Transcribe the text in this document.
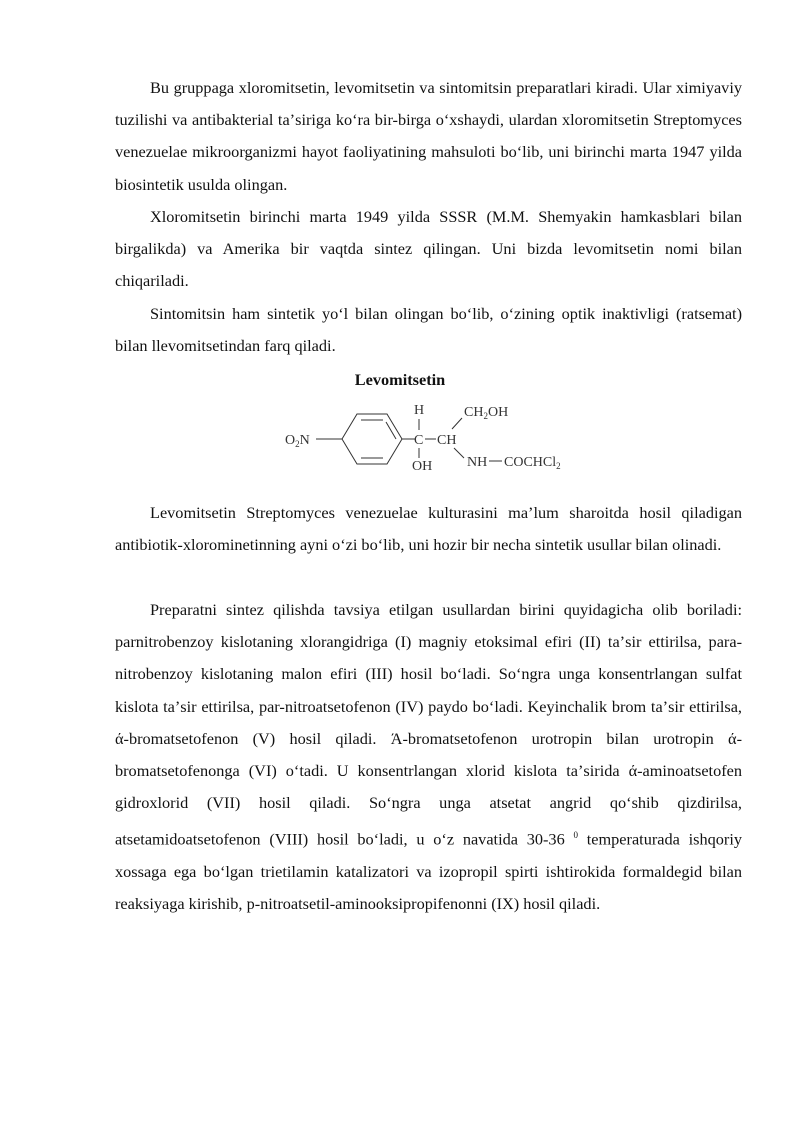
Bu gruppaga xloromitsetin, levomitsetin va sintomitsin preparatlari kiradi. Ular ximiyaviy tuzilishi va antibakterial taʼsiriga ko‘ra bir-birga o‘xshaydi, ulardan xloromitsetin Streptomyces venezuelae mikroorganizmi hayot faoliyatining mahsuloti bo‘lib, uni birinchi marta 1947 yilda biosintetik usulda olingan.

Xloromitsetin birinchi marta 1949 yilda SSSR (M.M. Shemyakin hamkasblari bilan birgalikda) va Amerika bir vaqtda sintez qilingan. Uni bizda levomitsetin nomi bilan chiqariladi.

Sintomitsin ham sintetik yo‘l bilan olingan bo‘lib, o‘zining optik inaktivligi (ratsemat) bilan llevomitsetindan farq qiladi.

Levomitsetin

$O_2N$
H
C
OH
CH
$CH_2OH$
NH COCHCl$_2$

Levomitsetin Streptomyces venezuelae kulturasini maʼlum sharoitda hosil qiladigan antibiotik-xlorominetinning ayni o‘zi bo‘lib, uni hozir bir necha sintetik usullar bilan olinadi.

Preparatni sintez qilishda tavsiya etilgan usullardan birini quyidagicha olib boriladi: parnitrobenzoy kislotaning xlorangidriga (I) magniy etoksimal efiri (II) taʼsir ettirilsa, para-nitrobenzoy kislotaning malon efiri (III) hosil bo‘ladi. So‘ngra unga konsentrlangan sulfat kislota taʼsir ettirilsa, par-nitroatsetofenon (IV) paydo bo‘ladi. Keyinchalik brom taʼsir ettirilsa, ά-bromatsetofenon (V) hosil qiladi. Ά-bromatsetofenon urotropin bilan urotropin ά-bromatsetofenonga (VI) o‘tadi. U konsentrlangan xlorid kislota taʼsirida ά-aminoatsetofen gidroxlorid (VII) hosil qiladi. So‘ngra unga atsetat angrid qo‘shib qizdirilsa, atsetamidoatsetofenon (VIII) hosil bo‘ladi, u o‘z navatida 30-36 $^0$ temperaturada ishqoriy xossaga ega bo‘lgan trietilamin katalizatori va izopropil spirti ishtirokida formaldegid bilan reaksiyaga kirishib, p-nitroatsetil-aminooksipropifenonni (IX) hosil qiladi.
